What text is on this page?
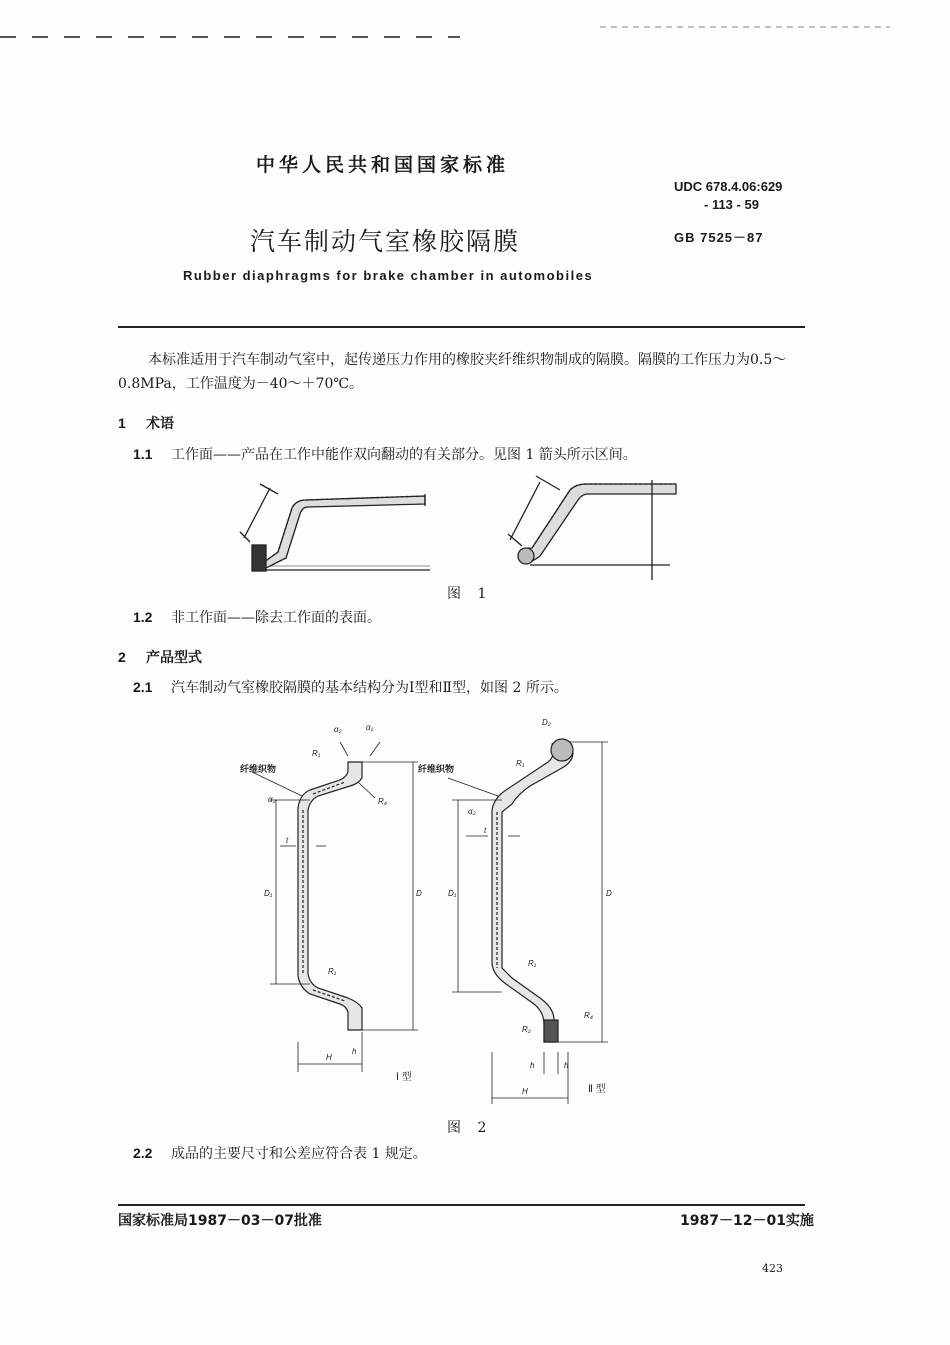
中华人民共和国国家标准
UDC 678.4.06:629
- 113 - 59
汽车制动气室橡胶隔膜	GB 7525－87
Rubber diaphragms for brake chamber in automobiles
本标准适用于汽车制动气室中，起传递压力作用的橡胶夹纤维织物制成的隔膜。隔膜的工作压力为0.5～0.8MPa，工作温度为－40～＋70℃。
1 术语
1.1 工作面——产品在工作中能作双向翻动的有关部分。见图 1 箭头所示区间。
图 1
1.2 非工作面——除去工作面的表面。
2 产品型式
2.1 汽车制动气室橡胶隔膜的基本结构分为Ⅰ型和Ⅱ型，如图 2 所示。
纤维织物	纤维织物
α₂	α₁
R₁
R₄
α₂
t
D₁	D
R₁
h
H
D₂
R₁
α₂
t
D₁	D
R₁
R₄
R₂
h	h
H
Ⅰ 型
Ⅱ 型
图 2
2.2 成品的主要尺寸和公差应符合表 1 规定。
国家标准局1987－03－07批准	1987－12－01实施
423
